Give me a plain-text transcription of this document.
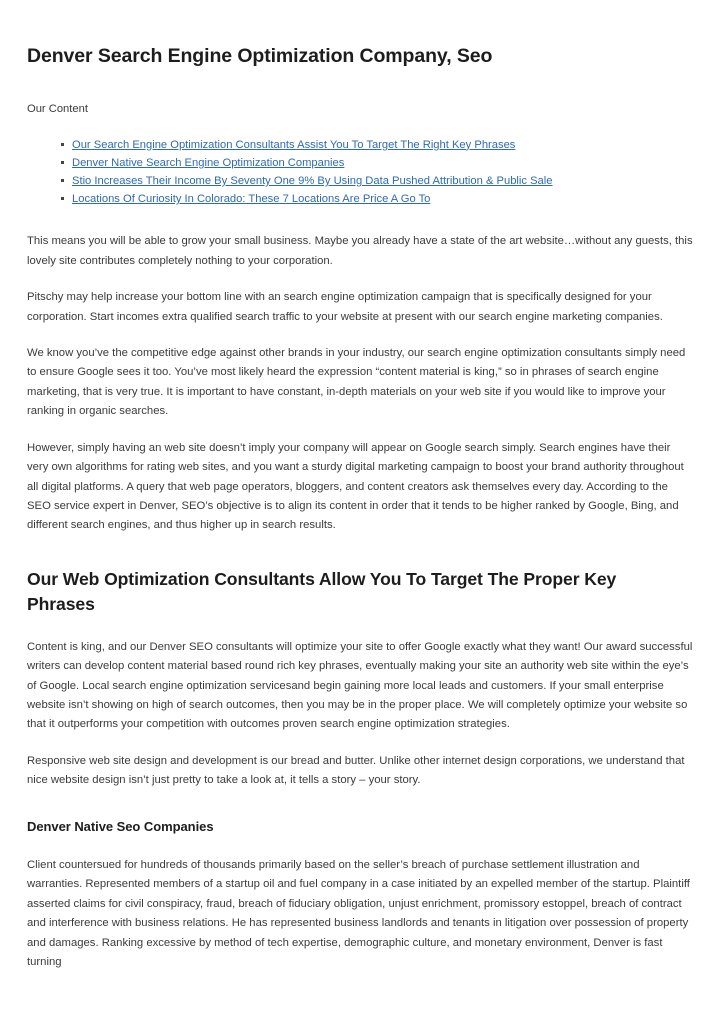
Denver Search Engine Optimization Company, Seo

Our Content

Our Search Engine Optimization Consultants Assist You To Target The Right Key Phrases
Denver Native Search Engine Optimization Companies
Stio Increases Their Income By Seventy One 9% By Using Data Pushed Attribution & Public Sale
Locations Of Curiosity In Colorado: These 7 Locations Are Price A Go To

This means you will be able to grow your small business. Maybe you already have a state of the art website…without any guests, this lovely site contributes completely nothing to your corporation.

Pitschy may help increase your bottom line with an search engine optimization campaign that is specifically designed for your corporation. Start incomes extra qualified search traffic to your website at present with our search engine marketing companies.

We know you’ve the competitive edge against other brands in your industry, our search engine optimization consultants simply need to ensure Google sees it too. You’ve most likely heard the expression “content material is king,” so in phrases of search engine marketing, that is very true. It is important to have constant, in-depth materials on your web site if you would like to improve your ranking in organic searches.

However, simply having an web site doesn’t imply your company will appear on Google search simply. Search engines have their very own algorithms for rating web sites, and you want a sturdy digital marketing campaign to boost your brand authority throughout all digital platforms. A query that web page operators, bloggers, and content creators ask themselves every day. According to the SEO service expert in Denver, SEO’s objective is to align its content in order that it tends to be higher ranked by Google, Bing, and different search engines, and thus higher up in search results.

Our Web Optimization Consultants Allow You To Target The Proper Key Phrases

Content is king, and our Denver SEO consultants will optimize your site to offer Google exactly what they want! Our award successful writers can develop content material based round rich key phrases, eventually making your site an authority web site within the eye’s of Google. Local search engine optimization servicesand begin gaining more local leads and customers. If your small enterprise website isn’t showing on high of search outcomes, then you may be in the proper place. We will completely optimize your website so that it outperforms your competition with outcomes proven search engine optimization strategies.

Responsive web site design and development is our bread and butter. Unlike other internet design corporations, we understand that nice website design isn’t just pretty to take a look at, it tells a story – your story.

Denver Native Seo Companies

Client countersued for hundreds of thousands primarily based on the seller’s breach of purchase settlement illustration and warranties. Represented members of a startup oil and fuel company in a case initiated by an expelled member of the startup. Plaintiff asserted claims for civil conspiracy, fraud, breach of fiduciary obligation, unjust enrichment, promissory estoppel, breach of contract and interference with business relations. He has represented business landlords and tenants in litigation over possession of property and damages. Ranking excessive by method of tech expertise, demographic culture, and monetary environment, Denver is fast turning
